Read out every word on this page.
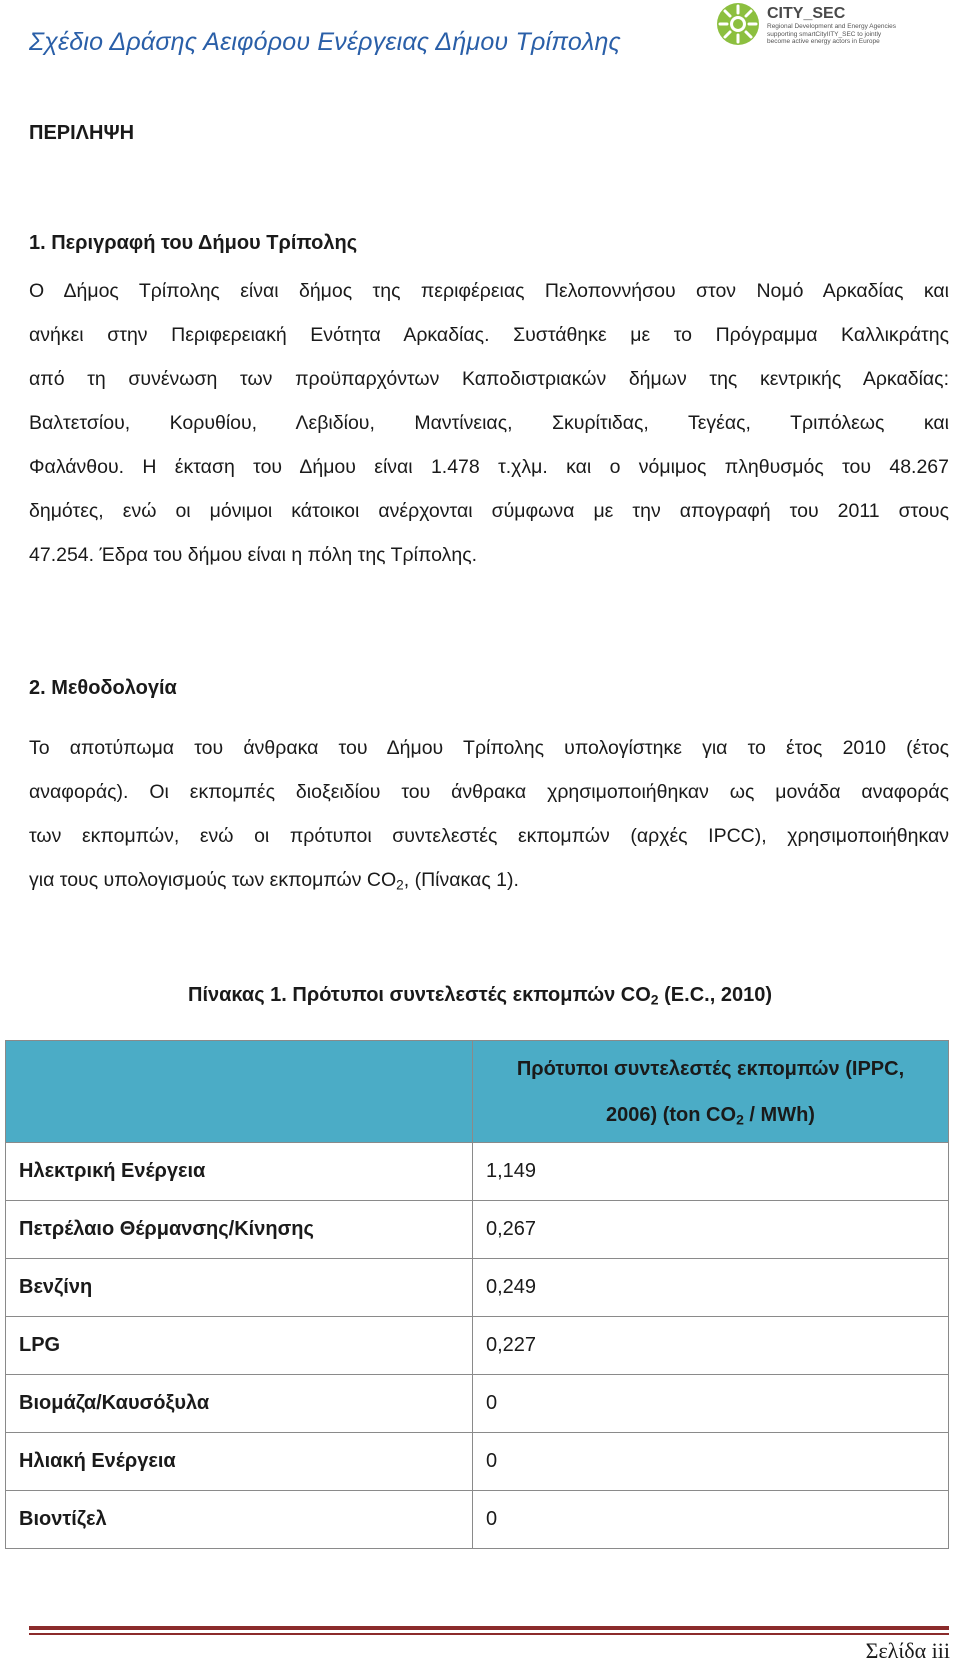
Σχέδιο Δράσης Αειφόρου Ενέργειας Δήμου Τρίπολης
CITY_SEC
Regional Development and Energy Agencies
supporting smartCityIITY_SEC to jointly
become active energy actors in Europe
ΠΕΡΙΛΗΨΗ
1. Περιγραφή του Δήμου Τρίπολης
Ο Δήμος Τρίπολης είναι δήμος της περιφέρειας Πελοποννήσου στον Νομό Αρκαδίας και
ανήκει στην Περιφερειακή Ενότητα Αρκαδίας. Συστάθηκε με το Πρόγραμμα Καλλικράτης
από τη συνένωση των προϋπαρχόντων Καποδιστριακών δήμων της κεντρικής Αρκαδίας:
Βαλτετσίου, Κορυθίου, Λεβιδίου, Μαντίνειας, Σκυρίτιδας, Τεγέας, Τριπόλεως και
Φαλάνθου. Η έκταση του Δήμου είναι 1.478 τ.χλμ. και ο νόμιμος πληθυσμός του 48.267
δημότες, ενώ οι μόνιμοι κάτοικοι ανέρχονται σύμφωνα με την απογραφή του 2011 στους
47.254. Έδρα του δήμου είναι η πόλη της Τρίπολης.
2. Μεθοδολογία
Το αποτύπωμα του άνθρακα του Δήμου Τρίπολης υπολογίστηκε για το έτος 2010 (έτος
αναφοράς). Οι εκπομπές διοξειδίου του άνθρακα χρησιμοποιήθηκαν ως μονάδα αναφοράς
των εκπομπών, ενώ οι πρότυποι συντελεστές εκπομπών (αρχές IPCC), χρησιμοποιήθηκαν
για τους υπολογισμούς των εκπομπών $CO_2$, (Πίνακας 1).
Πίνακας 1. Πρότυποι συντελεστές εκπομπών $CO_2$ (E.C., 2010)
	Πρότυποι συντελεστές εκπομπών (IPPC,
2006) (ton $CO_2 / MWh$)
Ηλεκτρική Ενέργεια	1,149
Πετρέλαιο Θέρμανσης/Κίνησης	0,267
Βενζίνη	0,249
LPG	0,227
Βιομάζα/Καυσόξυλα	0
Ηλιακή Ενέργεια	0
Βιοντίζελ	0
Σελίδα iii
